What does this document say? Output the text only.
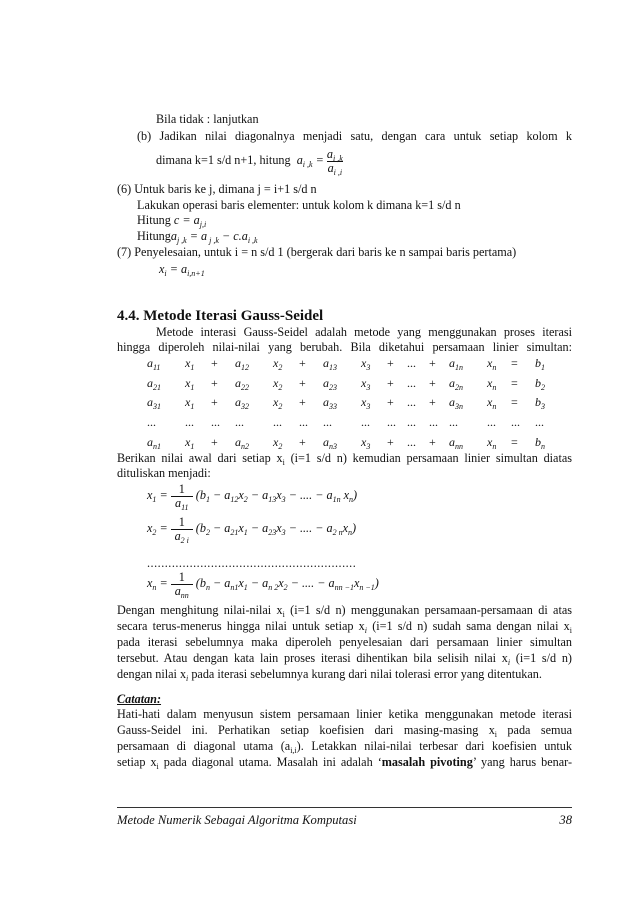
Bila tidak : lanjutkan
(b) Jadikan nilai diagonalnya menjadi satu, dengan cara untuk setiap kolom k
dimana k=1 s/d n+1, hitung  $a_{i ,k} = \frac{a_{i ,k}}{a_{i ,i}}$
(6) Untuk baris ke j, dimana j = i+1 s/d n
Lakukan operasi baris elementer: untuk kolom k dimana k=1 s/d n
Hitung $c = a_{j,i}$
Hitunga$_{j ,k}$ = a $_{j ,k} - c.a_{i ,k}$
(7) Penyelesaian, untuk i = n s/d 1 (bergerak dari baris ke n sampai baris pertama)
$x_i = a_{i,n+1}$
4.4. Metode Iterasi Gauss-Seidel
Metode interasi Gauss-Seidel adalah metode yang menggunakan proses iterasi
hingga diperoleh nilai-nilai yang berubah. Bila diketahui persamaan linier simultan:
$a_{11}$	$x_1$	+	$a_{12}$	$x_2$	+	$a_{13}$	$x_3$	+	...	+	$a_{1n}$	$x_n$	=	$b_1$
$a_{21}$	$x_1$	+	$a_{22}$	$x_2$	+	$a_{23}$	$x_3$	+	...	+	$a_{2n}$	$x_n$	=	$b_2$
$a_{31}$	$x_1$	+	$a_{32}$	$x_2$	+	$a_{33}$	$x_3$	+	...	+	$a_{3n}$	$x_n$	=	$b_3$
...	...	...	...	...	...	...	...	...	...	...	...	...	...	...
$a_{n1}$	$x_1$	+	$a_{n2}$	$x_2$	+	$a_{n3}$	$x_3$	+	...	+	$a_{nn}$	$x_n$	=	$b_n$
Berikan nilai awal dari setiap $x_i$ (i=1 s/d n) kemudian persamaan linier simultan diatas
dituliskan menjadi:
$x_1 = \frac{1}{a_{11}} (b_1 - a_{12}x_2 - a_{13}x_3$ − .... − $a_{1n}$ $x_n$)
$x_2 = \frac{1}{a_{2 i}} (b_2 - a_{21}x_1 - a_{23}x_3$ − .... − $a_{2 n}x_n$)
...........................................................
$x_n = \frac{1}{a_{nn}} (b_n - a_{n1}x_1 - a_{n 2}x_2$ − .... − $a_{nn -1}x_{n -1}$)
Dengan menghitung nilai-nilai $x_i$ (i=1 s/d n) menggunakan persamaan-persamaan di atas
secara terus-menerus hingga nilai untuk setiap $x_i$ (i=1 s/d n) sudah sama dengan nilai $x_i$
pada iterasi sebelumnya maka diperoleh penyelesaian dari persamaan linier simultan
tersebut. Atau dengan kata lain proses iterasi dihentikan bila selisih nilai $x_i$ (i=1 s/d n)
dengan nilai $x_i$ pada iterasi sebelumnya kurang dari nilai tolerasi error yang ditentukan.
Catatan:
Hati-hati dalam menyusun sistem persamaan linier ketika menggunakan metode iterasi
Gauss-Seidel ini. Perhatikan setiap koefisien dari masing-masing $x_i$ pada semua
persamaan di diagonal utama $(a_{i,i})$. Letakkan nilai-nilai terbesar dari koefisien untuk
setiap $x_i$ pada diagonal utama. Masalah ini adalah ‘masalah pivoting’ yang harus benar-
Metode Numerik Sebagai Algoritma Komputasi	38
